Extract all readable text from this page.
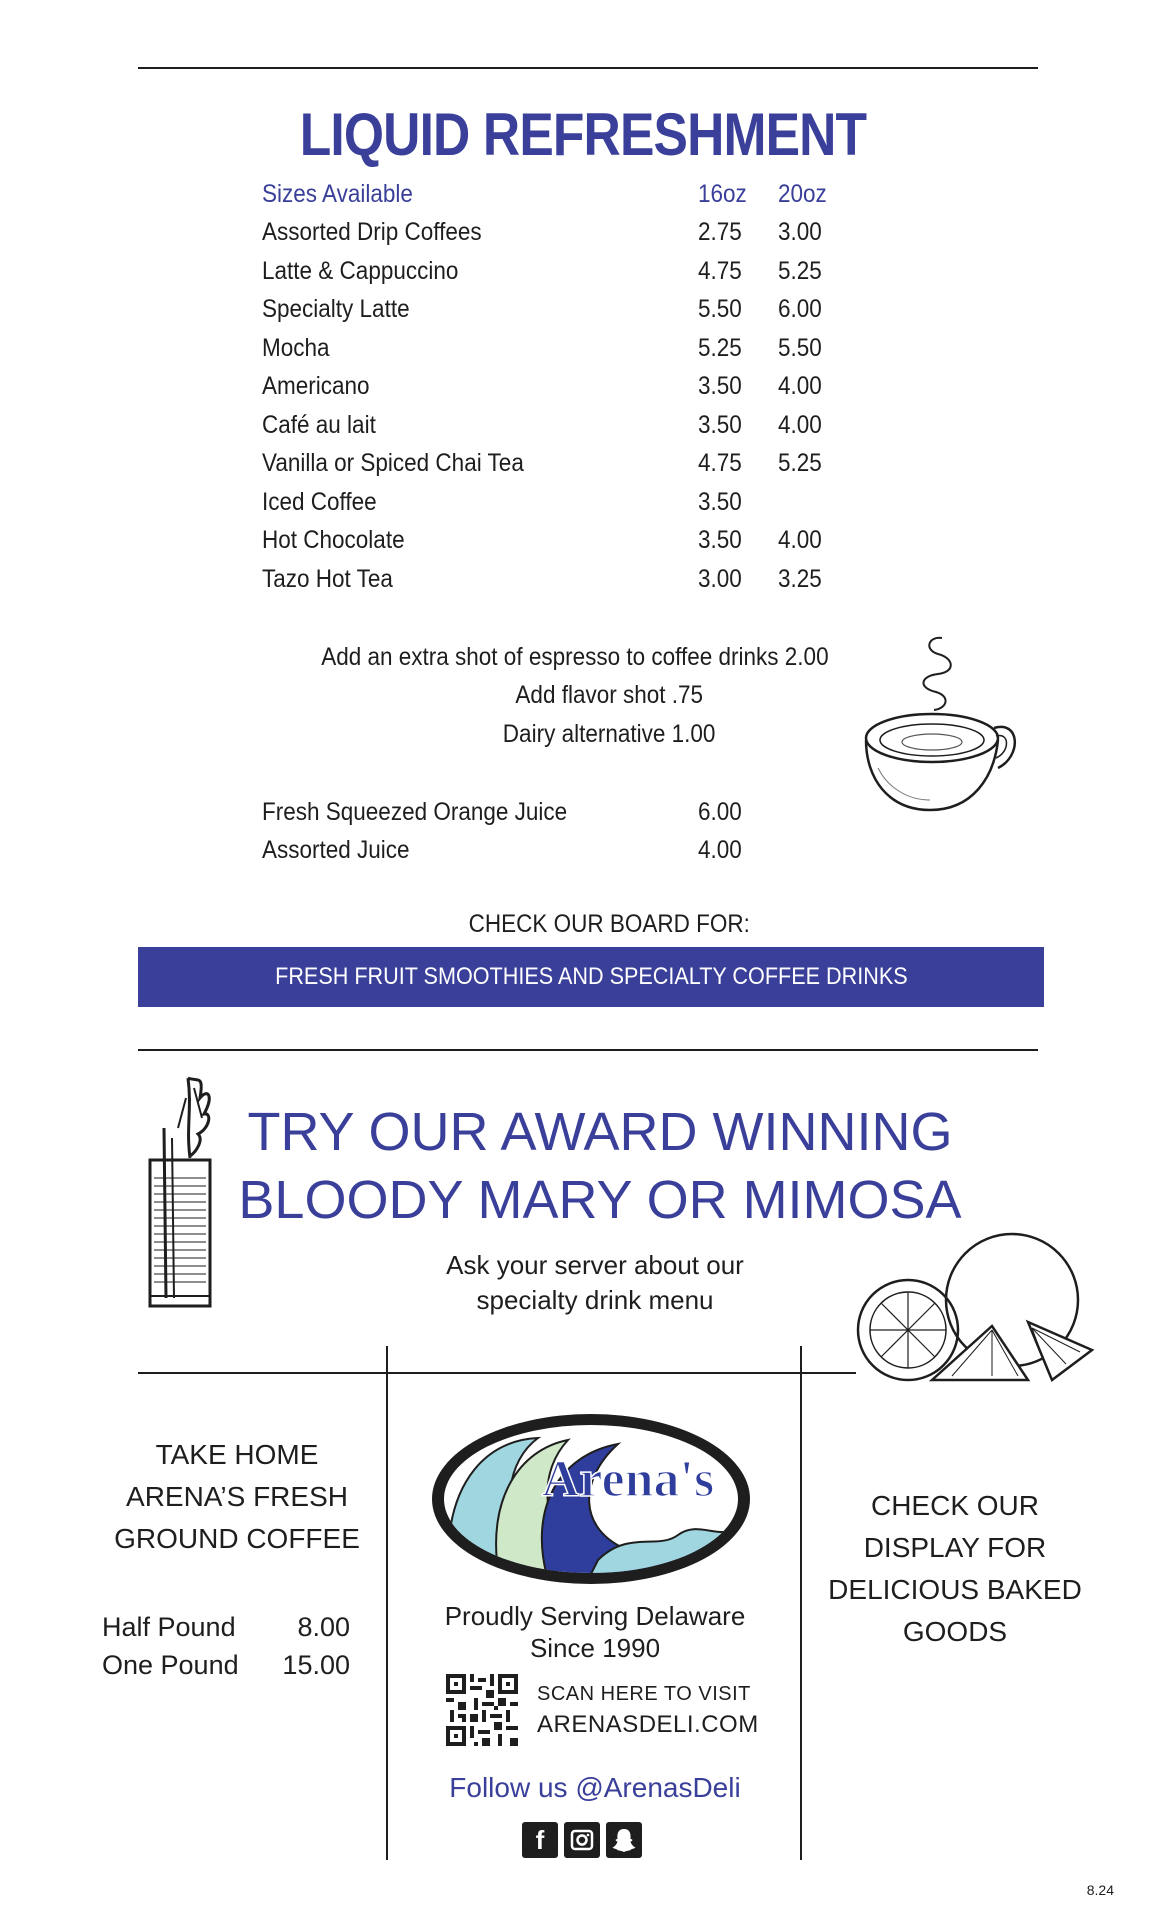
LIQUID REFRESHMENT
Sizes Available	16oz 20oz
Assorted Drip Coffees	2.75 3.00
Latte & Cappuccino	4.75 5.25
Specialty Latte	5.50 6.00
Mocha	5.25 5.50
Americano	3.50 4.00
Café au lait	3.50 4.00
Vanilla or Spiced Chai Tea	4.75 5.25
Iced Coffee	3.50
Hot Chocolate	3.50 4.00
Tazo Hot Tea	3.00 3.25
Add an extra shot of espresso to coffee drinks 2.00
Add flavor shot .75
Dairy alternative 1.00
Fresh Squeezed Orange Juice	6.00
Assorted Juice	4.00
CHECK OUR BOARD FOR:
FRESH FRUIT SMOOTHIES AND SPECIALTY COFFEE DRINKS
TRY OUR AWARD WINNING
BLOODY MARY OR MIMOSA
Ask your server about our
specialty drink menu
TAKE HOME
ARENA’S FRESH
GROUND COFFEE
Half Pound 8.00
One Pound 15.00
Arena's
Proudly Serving Delaware
Since 1990
SCAN HERE TO VISIT
ARENASDELI.COM
Follow us @ArenasDeli
f
CHECK OUR
DISPLAY FOR
DELICIOUS BAKED
GOODS
8.24
